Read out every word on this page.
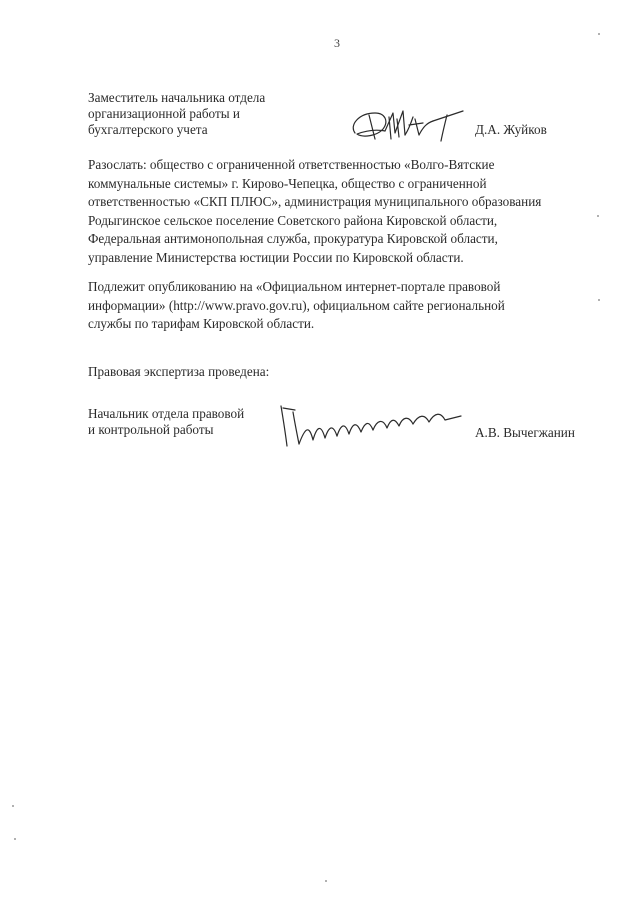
3
Заместитель начальника отдела
организационной работы и
бухгалтерского учета	Д.А. Жуйков

Разослать: общество с ограниченной ответственностью «Волго-Вятские

коммунальные системы» г. Кирово-Чепецка, общество с ограниченной

ответственностью «СКП ПЛЮС», администрация муниципального образования

Родыгинское сельское поселение Советского района Кировской области,

Федеральная антимонопольная служба, прокуратура Кировской области,

управление Министерства юстиции России по Кировской области.

Подлежит опубликованию на «Официальном интернет-портале правовой

информации» (http://www.pravo.gov.ru), официальном сайте региональной

службы по тарифам Кировской области.

Правовая экспертиза проведена:
Начальник отдела правовой
и контрольной работы	А.В. Вычегжанин
